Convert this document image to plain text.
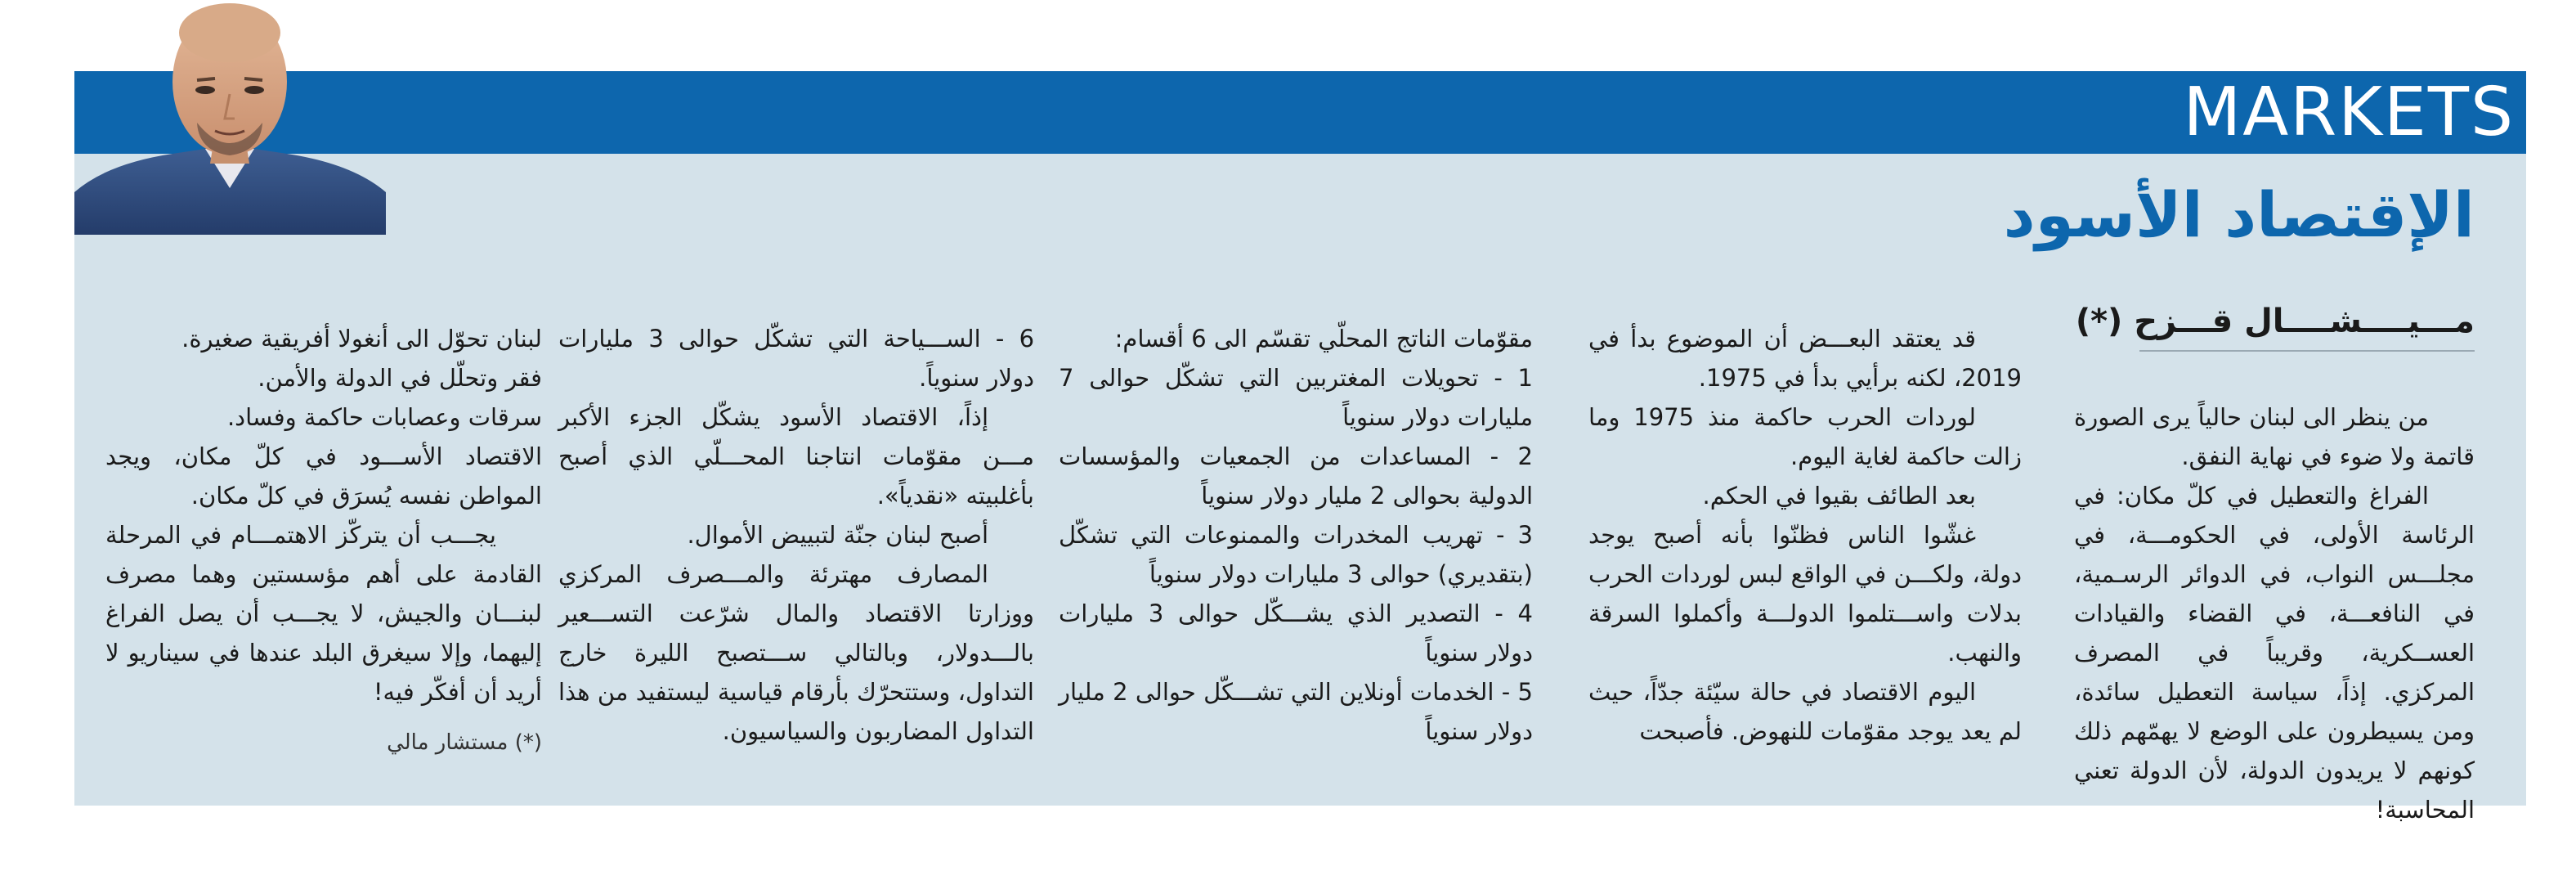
MARKETS
الإقتصاد الأسود
مـــيــــشــــال قـــزح (*)

من ينظر الى لبنان حالياً يرى الصورة قاتمة ولا ضوء في نهاية النفق.

الفراغ والتعطيل في كلّ مكان: في الرئاسة الأولى، في الحكومـــة، في مجلـــس النواب، في الدوائر الرسـمية، في النافعـــة، في القضاء والقيادات العســكرية، وقريباً في المصرف المركزي. إذاً، سياسة التعطيل سائدة، ومن يسيطرون على الوضع لا يهمّهم ذلك كونهم لا يريدون الدولة، لأن الدولة تعني المحاسبة!

قد يعتقد البعـــض أن الموضوع بدأ في 2019، لكنه برأيي بدأ في 1975.

لوردات الحرب حاكمة منذ 1975 وما زالت حاكمة لغاية اليوم.

بعد الطائف بقيوا في الحكم.

غشّوا الناس فظنّوا بأنه أصبح يوجد دولة، ولكـــن في الواقع لبس لوردات الحرب بدلات واســـتلموا الدولـــة وأكملوا السرقة والنهب.

اليوم الاقتصاد في حالة سيّئة جدّاً، حيث لم يعد يوجد مقوّمات للنهوض. فأصبحت

مقوّمات الناتج المحلّي تقسّم الى 6 أقسام:

1 - تحويلات المغتربين التي تشكّل حوالى 7 مليارات دولار سنوياً

2 - المساعدات من الجمعيات والمؤسسات الدولية بحوالى 2 مليار دولار سنوياً

3 - تهريب المخدرات والممنوعات التي تشكّل (بتقديري) حوالى 3 مليارات دولار سنوياً

4 - التصدير الذي يشـــكّل حوالى 3 مليارات دولار سنوياً

5 - الخدمات أونلاين التي تشـــكّل حوالى 2 مليار دولار سنوياً

6 - الســـياحة التي تشكّل حوالى 3 مليارات دولار سنوياً.

إذاً، الاقتصاد الأسود يشكّل الجزء الأكبر مـــن مقوّمات انتاجنا المحـــلّي الذي أصبح بأغلبيته «نقدياً».

أصبح لبنان جنّة لتبييض الأموال.

المصارف مهترئة والمـــصرف المركزي ووزارتا الاقتصاد والمال شرّعت التســـعير بالـــدولار، وبالتالي ســـتصبح الليرة خارج التداول، وستتحرّك بأرقام قياسية ليستفيد من هذا التداول المضاربون والسياسيون.

لبنان تحوّل الى أنغولا أفريقية صغيرة.

فقر وتحلّل في الدولة والأمن.

سرقات وعصابات حاكمة وفساد.

الاقتصاد الأســـود في كلّ مكان، ويجد المواطن نفسه يُسرَق في كلّ مكان.

يجـــب أن يتركّز الاهتمـــام في المرحلة القادمة على أهم مؤسستين وهما مصرف لبنـــان والجيش، لا يجـــب أن يصل الفراغ إليهما، وإلا سيغرق البلد عندها في سيناريو لا أريد أن أفكّر فيه!

(*) مستشار مالي
